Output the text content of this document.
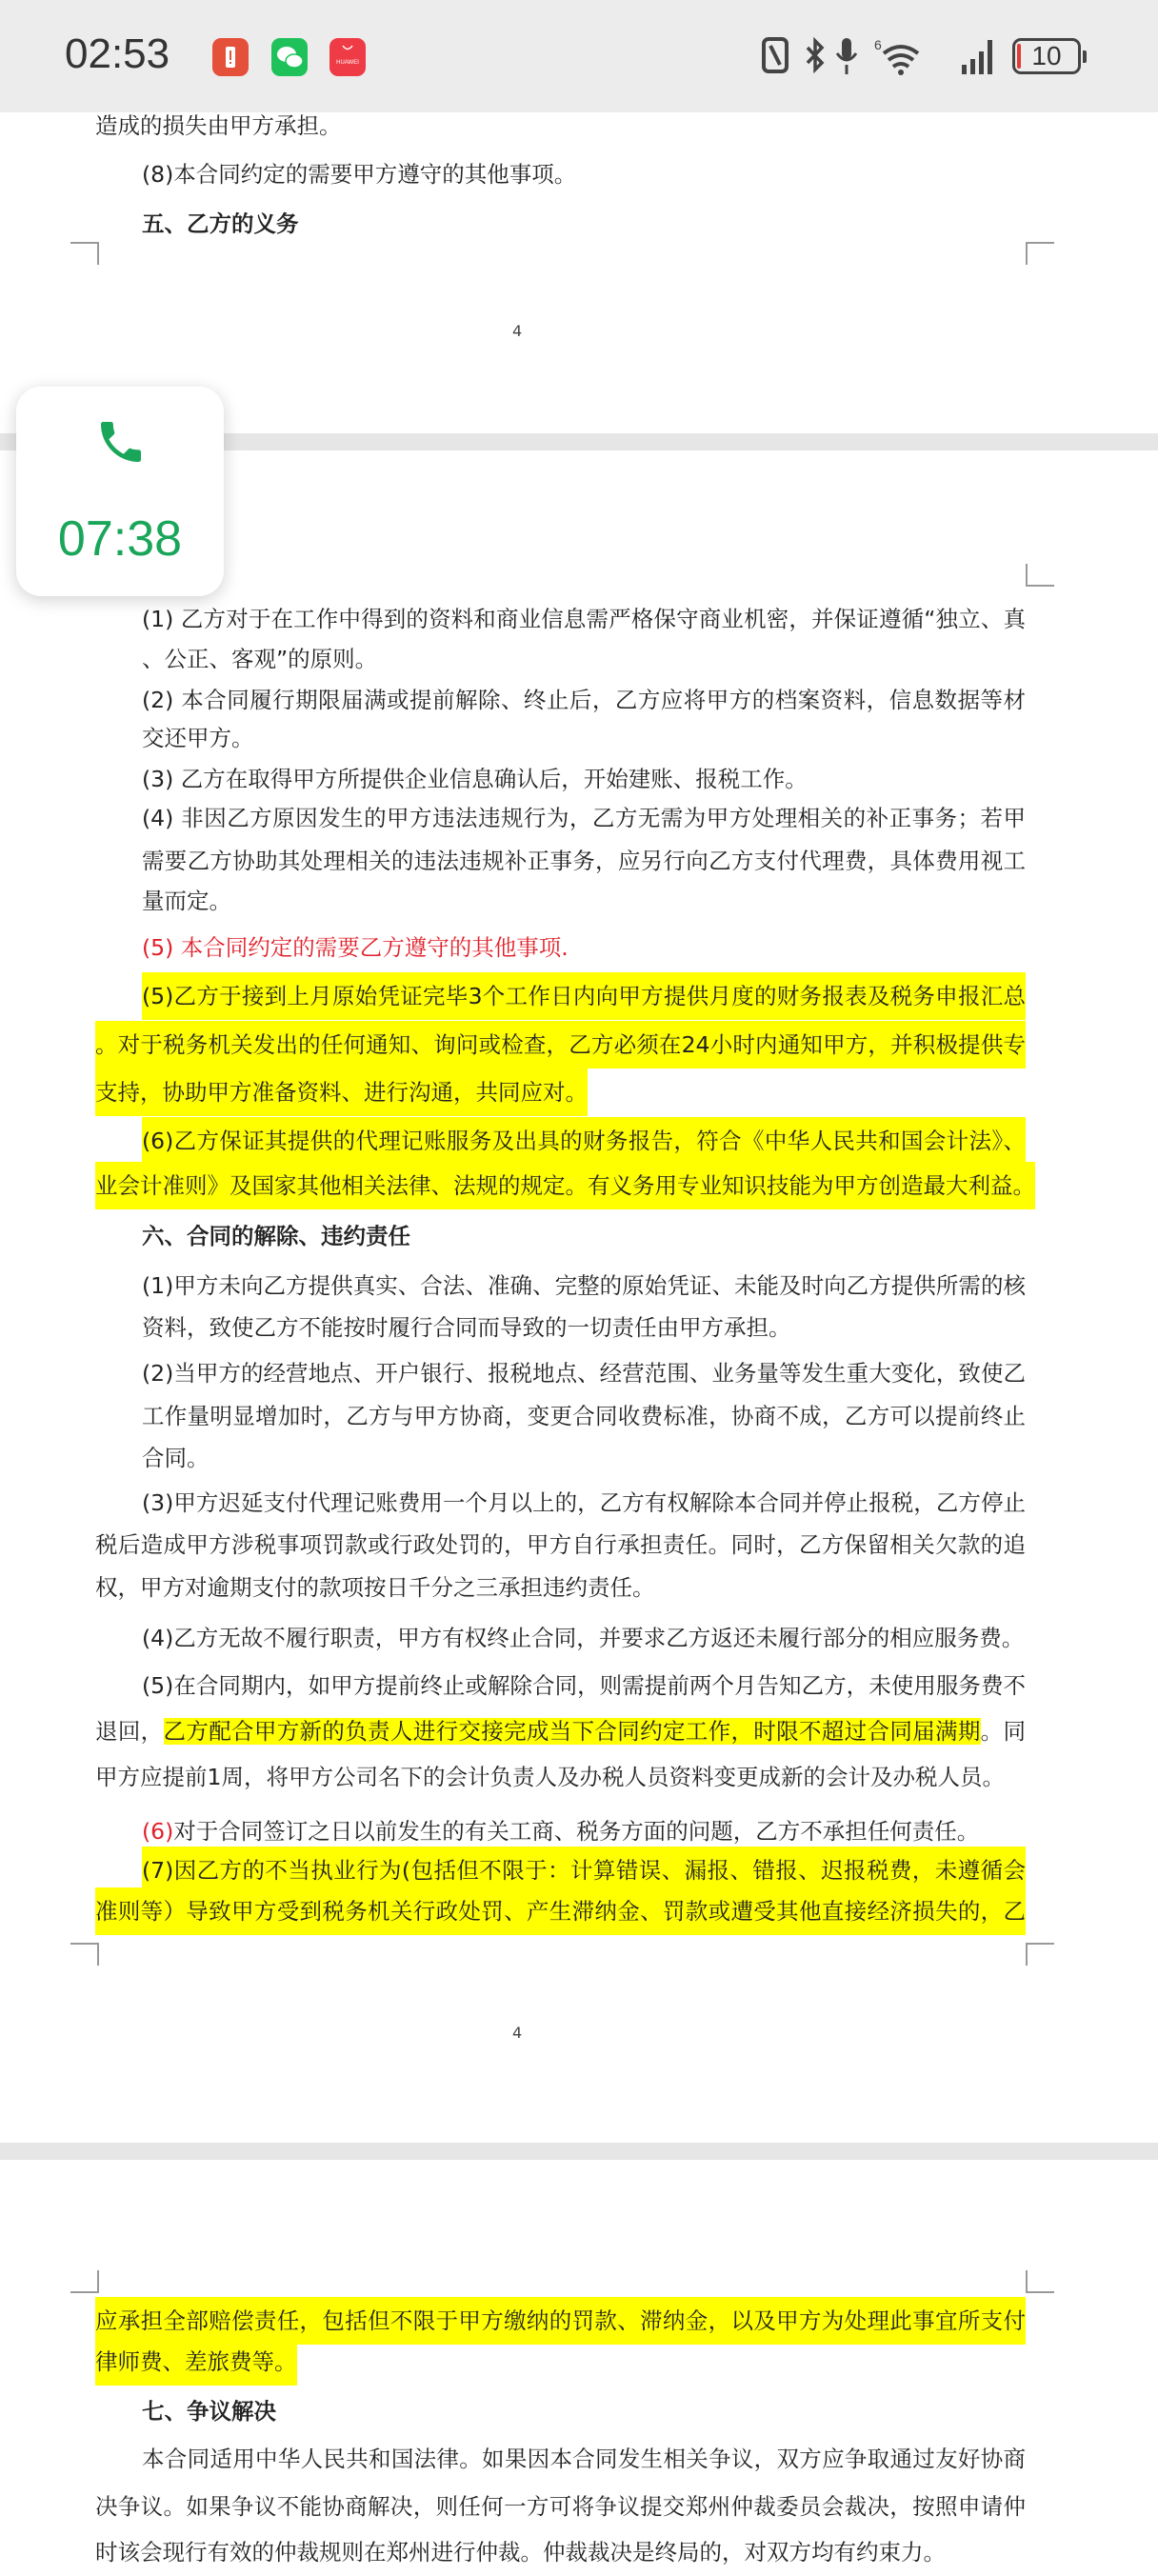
02:53	HUAWEI
6	10
4
4
造成的损失由甲方承担。
(8)本合同约定的需要甲方遵守的其他事项。
五、乙方的义务
(1) 乙方对于在工作中得到的资料和商业信息需严格保守商业机密，并保证遵循“独立、真
、公正、客观”的原则。
(2) 本合同履行期限届满或提前解除、终止后，乙方应将甲方的档案资料，信息数据等材
交还甲方。
(3) 乙方在取得甲方所提供企业信息确认后，开始建账、报税工作。
(4) 非因乙方原因发生的甲方违法违规行为，乙方无需为甲方处理相关的补正事务；若甲
需要乙方协助其处理相关的违法违规补正事务，应另行向乙方支付代理费，具体费用视工
量而定。
(5) 本合同约定的需要乙方遵守的其他事项.
(5)乙方于接到上月原始凭证完毕3个工作日内向甲方提供月度的财务报表及税务申报汇总
。对于税务机关发出的任何通知、询问或检查，乙方必须在24小时内通知甲方，并积极提供专
支持，协助甲方准备资料、进行沟通，共同应对。
(6)乙方保证其提供的代理记账服务及出具的财务报告，符合《中华人民共和国会计法》、
业会计准则》及国家其他相关法律、法规的规定。有义务用专业知识技能为甲方创造最大利益。
六、合同的解除、违约责任
(1)甲方未向乙方提供真实、合法、准确、完整的原始凭证、未能及时向乙方提供所需的核
资料，致使乙方不能按时履行合同而导致的一切责任由甲方承担。
(2)当甲方的经营地点、开户银行、报税地点、经营范围、业务量等发生重大变化，致使乙
工作量明显增加时，乙方与甲方协商，变更合同收费标准，协商不成，乙方可以提前终止
合同。
(3)甲方迟延支付代理记账费用一个月以上的，乙方有权解除本合同并停止报税，乙方停止
税后造成甲方涉税事项罚款或行政处罚的，甲方自行承担责任。同时，乙方保留相关欠款的追
权，甲方对逾期支付的款项按日千分之三承担违约责任。
(4)乙方无故不履行职责，甲方有权终止合同，并要求乙方返还未履行部分的相应服务费。
(5)在合同期内，如甲方提前终止或解除合同，则需提前两个月告知乙方，未使用服务费不
退回，乙方配合甲方新的负责人进行交接完成当下合同约定工作，时限不超过合同届满期。同
甲方应提前1周，将甲方公司名下的会计负责人及办税人员资料变更成新的会计及办税人员。
(6)对于合同签订之日以前发生的有关工商、税务方面的问题，乙方不承担任何责任。
(7)因乙方的不当执业行为(包括但不限于：计算错误、漏报、错报、迟报税费，未遵循会
准则等）导致甲方受到税务机关行政处罚、产生滞纳金、罚款或遭受其他直接经济损失的，乙
应承担全部赔偿责任，包括但不限于甲方缴纳的罚款、滞纳金，以及甲方为处理此事宜所支付
律师费、差旅费等。
七、争议解决
本合同适用中华人民共和国法律。如果因本合同发生相关争议，双方应争取通过友好协商
决争议。如果争议不能协商解决，则任何一方可将争议提交郑州仲裁委员会裁决，按照申请仲
时该会现行有效的仲裁规则在郑州进行仲裁。仲裁裁决是终局的，对双方均有约束力。
07:38
